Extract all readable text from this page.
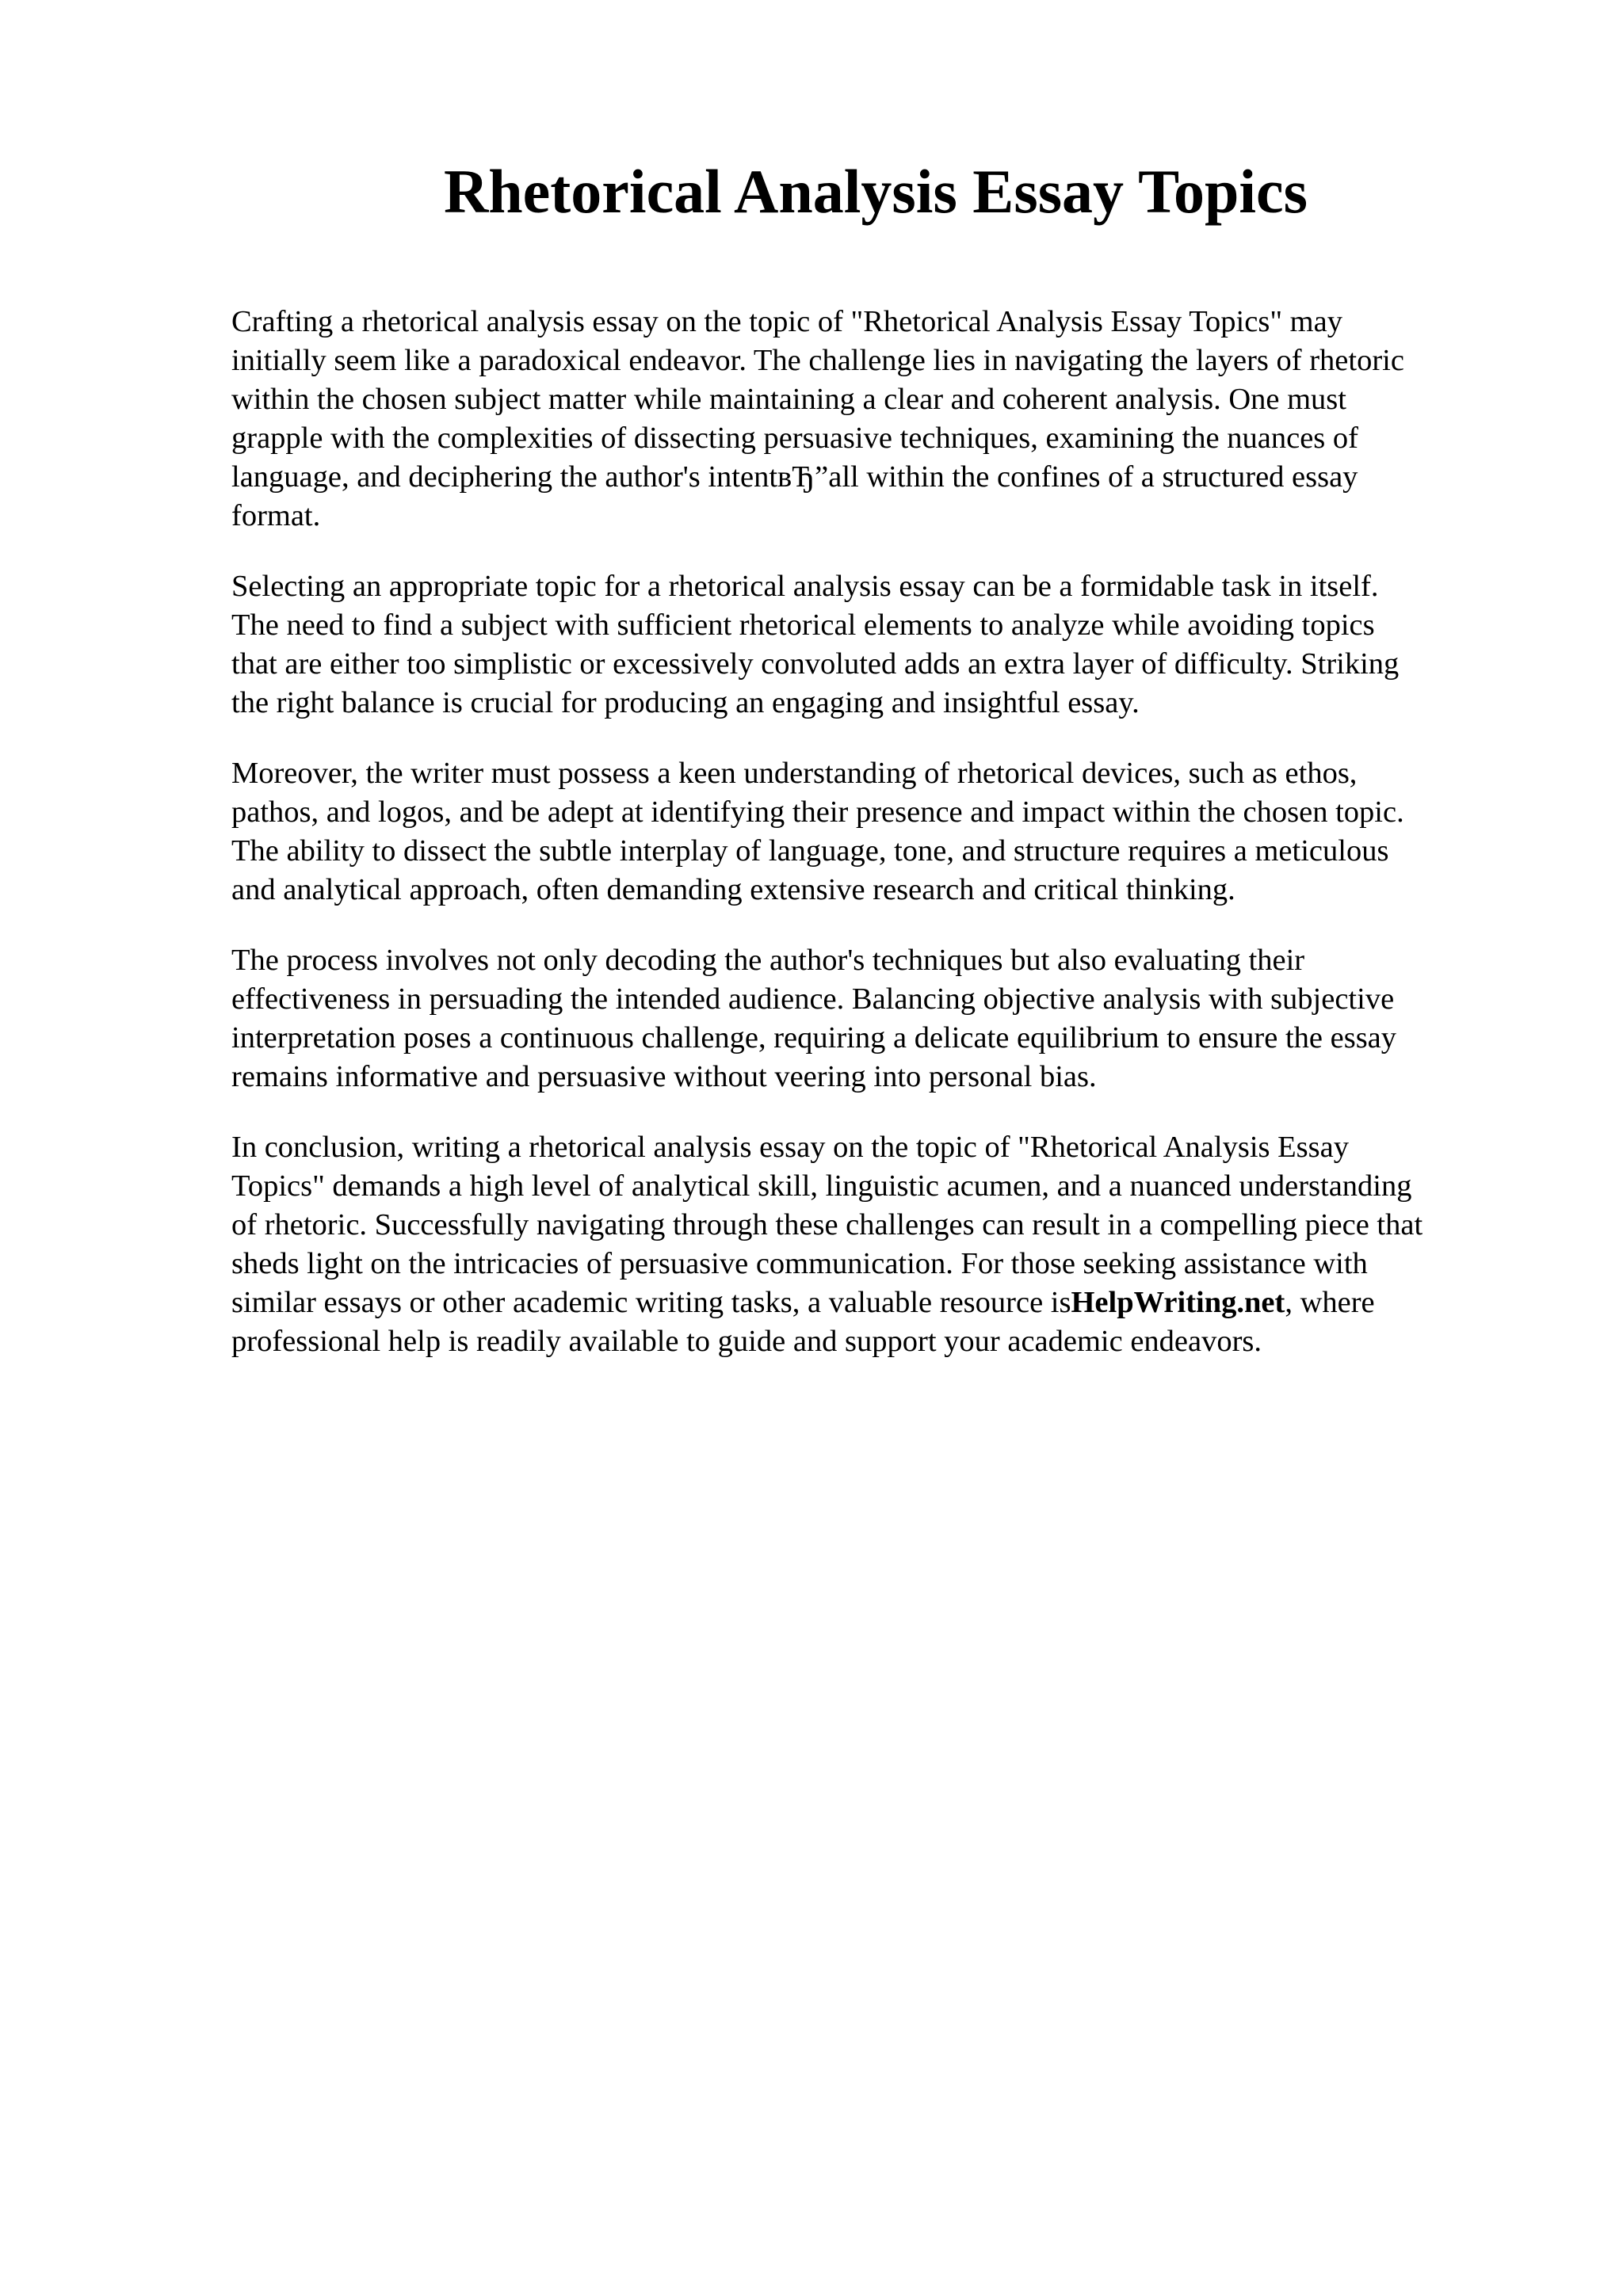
Rhetorical Analysis Essay Topics

Crafting a rhetorical analysis essay on the topic of "Rhetorical Analysis Essay Topics" may
initially seem like a paradoxical endeavor. The challenge lies in navigating the layers of rhetoric
within the chosen subject matter while maintaining a clear and coherent analysis. One must
grapple with the complexities of dissecting persuasive techniques, examining the nuances of
language, and deciphering the author's intentвЂ”all within the confines of a structured essay
format.

Selecting an appropriate topic for a rhetorical analysis essay can be a formidable task in itself.
The need to find a subject with sufficient rhetorical elements to analyze while avoiding topics
that are either too simplistic or excessively convoluted adds an extra layer of difficulty. Striking
the right balance is crucial for producing an engaging and insightful essay.

Moreover, the writer must possess a keen understanding of rhetorical devices, such as ethos,
pathos, and logos, and be adept at identifying their presence and impact within the chosen topic.
The ability to dissect the subtle interplay of language, tone, and structure requires a meticulous
and analytical approach, often demanding extensive research and critical thinking.

The process involves not only decoding the author's techniques but also evaluating their
effectiveness in persuading the intended audience. Balancing objective analysis with subjective
interpretation poses a continuous challenge, requiring a delicate equilibrium to ensure the essay
remains informative and persuasive without veering into personal bias.

In conclusion, writing a rhetorical analysis essay on the topic of "Rhetorical Analysis Essay
Topics" demands a high level of analytical skill, linguistic acumen, and a nuanced understanding
of rhetoric. Successfully navigating through these challenges can result in a compelling piece that
sheds light on the intricacies of persuasive communication. For those seeking assistance with
similar essays or other academic writing tasks, a valuable resource isHelpWriting.net, where
professional help is readily available to guide and support your academic endeavors.
